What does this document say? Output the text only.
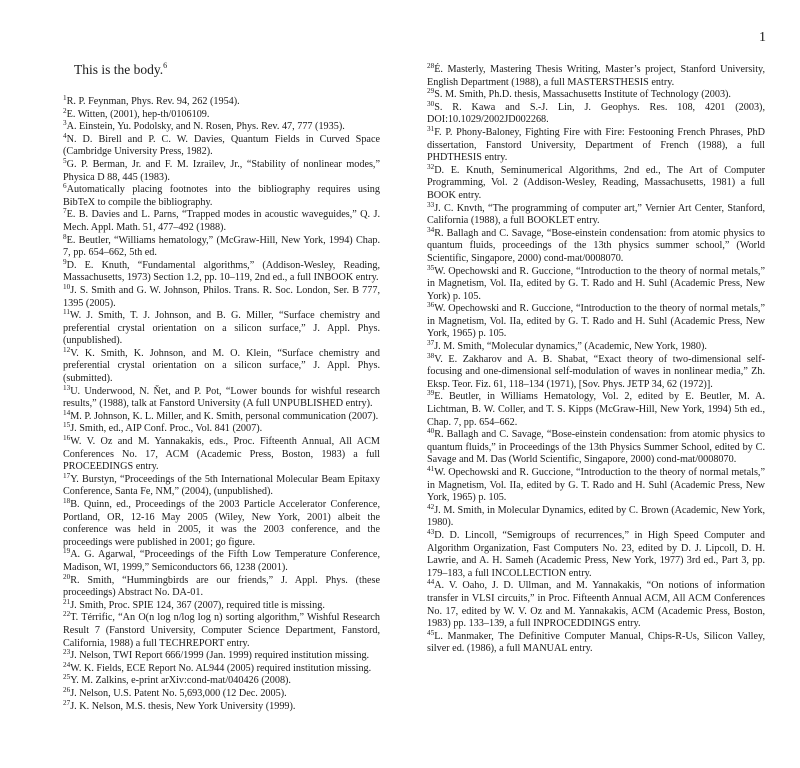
1
This is the body.$^6$

$^1$R. P. Feynman, Phys. Rev. 94, 262 (1954).

$^2$E. Witten, (2001), hep-th/0106109.

$^3$A. Einstein, Yu. Podolsky, and N. Rosen, Phys. Rev. 47, 777 (1935).

$^4$N. D. Birell and P. C. W. Davies, Quantum Fields in Curved Space (Cambridge University Press, 1982).

$^5$G. P. Berman, Jr. and F. M. Izrailev, Jr., “Stability of nonlinear modes,” Physica D 88, 445 (1983).

$^6$Automatically placing footnotes into the bibliography requires using BibTeX to compile the bibliography.

$^7$E. B. Davies and L. Parns, “Trapped modes in acoustic waveguides,” Q. J. Mech. Appl. Math. 51, 477–492 (1988).

$^8$E. Beutler, “Williams hematology,” (McGraw-Hill, New York, 1994) Chap. 7, pp. 654–662, 5th ed.

$^9$D. E. Knuth, “Fundamental algorithms,” (Addison-Wesley, Reading, Massachusetts, 1973) Section 1.2, pp. 10–119, 2nd ed., a full INBOOK entry.

$^{10}$J. S. Smith and G. W. Johnson, Philos. Trans. R. Soc. London, Ser. B 777, 1395 (2005).

$^{11}$W. J. Smith, T. J. Johnson, and B. G. Miller, “Surface chemistry and preferential crystal orientation on a silicon surface,” J. Appl. Phys. (unpublished).

$^{12}$V. K. Smith, K. Johnson, and M. O. Klein, “Surface chemistry and preferential crystal orientation on a silicon surface,” J. Appl. Phys. (submitted).

$^{13}$U. Underwood, N. Ňet, and P. Pot, “Lower bounds for wishful research results,” (1988), talk at Fanstord University (A full UNPUBLISHED entry).

$^{14}$M. P. Johnson, K. L. Miller, and K. Smith, personal communication (2007).

$^{15}$J. Smith, ed., AIP Conf. Proc., Vol. 841 (2007).

$^{16}$W. V. Oz and M. Yannakakis, eds., Proc. Fifteenth Annual, All ACM Conferences No. 17, ACM (Academic Press, Boston, 1983) a full PROCEEDINGS entry.

$^{17}$Y. Burstyn, “Proceedings of the 5th International Molecular Beam Epitaxy Conference, Santa Fe, NM,” (2004), (unpublished).

$^{18}$B. Quinn, ed., Proceedings of the 2003 Particle Accelerator Conference, Portland, OR, 12-16 May 2005 (Wiley, New York, 2001) albeit the conference was held in 2005, it was the 2003 conference, and the proceedings were published in 2001; go figure.

$^{19}$A. G. Agarwal, “Proceedings of the Fifth Low Temperature Conference, Madison, WI, 1999,” Semiconductors 66, 1238 (2001).

$^{20}$R. Smith, “Hummingbirds are our friends,” J. Appl. Phys. (these proceedings) Abstract No. DA-01.

$^{21}$J. Smith, Proc. SPIE 124, 367 (2007), required title is missing.

$^{22}$T. Térrific, “An O(n log n/log log n) sorting algorithm,” Wishful Research Result 7 (Fanstord University, Computer Science Department, Fanstord, California, 1988) a full TECHREPORT entry.

$^{23}$J. Nelson, TWI Report 666/1999 (Jan. 1999) required institution missing.

$^{24}$W. K. Fields, ECE Report No. AL944 (2005) required institution missing.

$^{25}$Y. M. Zalkins, e-print arXiv:cond-mat/040426 (2008).

$^{26}$J. Nelson, U.S. Patent No. 5,693,000 (12 Dec. 2005).

$^{27}$J. K. Nelson, M.S. thesis, New York University (1999).

$^{28}$É. Masterly, Mastering Thesis Writing, Master’s project, Stanford University, English Department (1988), a full MASTERSTHESIS entry.

$^{29}$S. M. Smith, Ph.D. thesis, Massachusetts Institute of Technology (2003).

$^{30}$S. R. Kawa and S.-J. Lin, J. Geophys. Res. 108, 4201 (2003), DOI:10.1029/2002JD002268.

$^{31}$F. P. Phony-Baloney, Fighting Fire with Fire: Festooning French Phrases, PhD dissertation, Fanstord University, Department of French (1988), a full PHDTHESIS entry.

$^{32}$D. E. Knuth, Seminumerical Algorithms, 2nd ed., The Art of Computer Programming, Vol. 2 (Addison-Wesley, Reading, Massachusetts, 1981) a full BOOK entry.

$^{33}$J. C. Knvth, “The programming of computer art,” Vernier Art Center, Stanford, California (1988), a full BOOKLET entry.

$^{34}$R. Ballagh and C. Savage, “Bose-einstein condensation: from atomic physics to quantum fluids, proceedings of the 13th physics summer school,” (World Scientific, Singapore, 2000) cond-mat/0008070.

$^{35}$W. Opechowski and R. Guccione, “Introduction to the theory of normal metals,” in Magnetism, Vol. IIa, edited by G. T. Rado and H. Suhl (Academic Press, New York) p. 105.

$^{36}$W. Opechowski and R. Guccione, “Introduction to the theory of normal metals,” in Magnetism, Vol. IIa, edited by G. T. Rado and H. Suhl (Academic Press, New York, 1965) p. 105.

$^{37}$J. M. Smith, “Molecular dynamics,” (Academic, New York, 1980).

$^{38}$V. E. Zakharov and A. B. Shabat, “Exact theory of two-dimensional self-focusing and one-dimensional self-modulation of waves in nonlinear media,” Zh. Eksp. Teor. Fiz. 61, 118–134 (1971), [Sov. Phys. JETP 34, 62 (1972)].

$^{39}$E. Beutler, in Williams Hematology, Vol. 2, edited by E. Beutler, M. A. Lichtman, B. W. Coller, and T. S. Kipps (McGraw-Hill, New York, 1994) 5th ed., Chap. 7, pp. 654–662.

$^{40}$R. Ballagh and C. Savage, “Bose-einstein condensation: from atomic physics to quantum fluids,” in Proceedings of the 13th Physics Summer School, edited by C. Savage and M. Das (World Scientific, Singapore, 2000) cond-mat/0008070.

$^{41}$W. Opechowski and R. Guccione, “Introduction to the theory of normal metals,” in Magnetism, Vol. IIa, edited by G. T. Rado and H. Suhl (Academic Press, New York, 1965) p. 105.

$^{42}$J. M. Smith, in Molecular Dynamics, edited by C. Brown (Academic, New York, 1980).

$^{43}$D. D. Lincoll, “Semigroups of recurrences,” in High Speed Computer and Algorithm Organization, Fast Computers No. 23, edited by D. J. Lipcoll, D. H. Lawrie, and A. H. Sameh (Academic Press, New York, 1977) 3rd ed., Part 3, pp. 179–183, a full INCOLLECTION entry.

$^{44}$A. V. Oaho, J. D. Ullman, and M. Yannakakis, “On notions of information transfer in VLSI circuits,” in Proc. Fifteenth Annual ACM, All ACM Conferences No. 17, edited by W. V. Oz and M. Yannakakis, ACM (Academic Press, Boston, 1983) pp. 133–139, a full INPROCEDDINGS entry.

$^{45}$L. Manmaker, The Definitive Computer Manual, Chips-R-Us, Silicon Valley, silver ed. (1986), a full MANUAL entry.
